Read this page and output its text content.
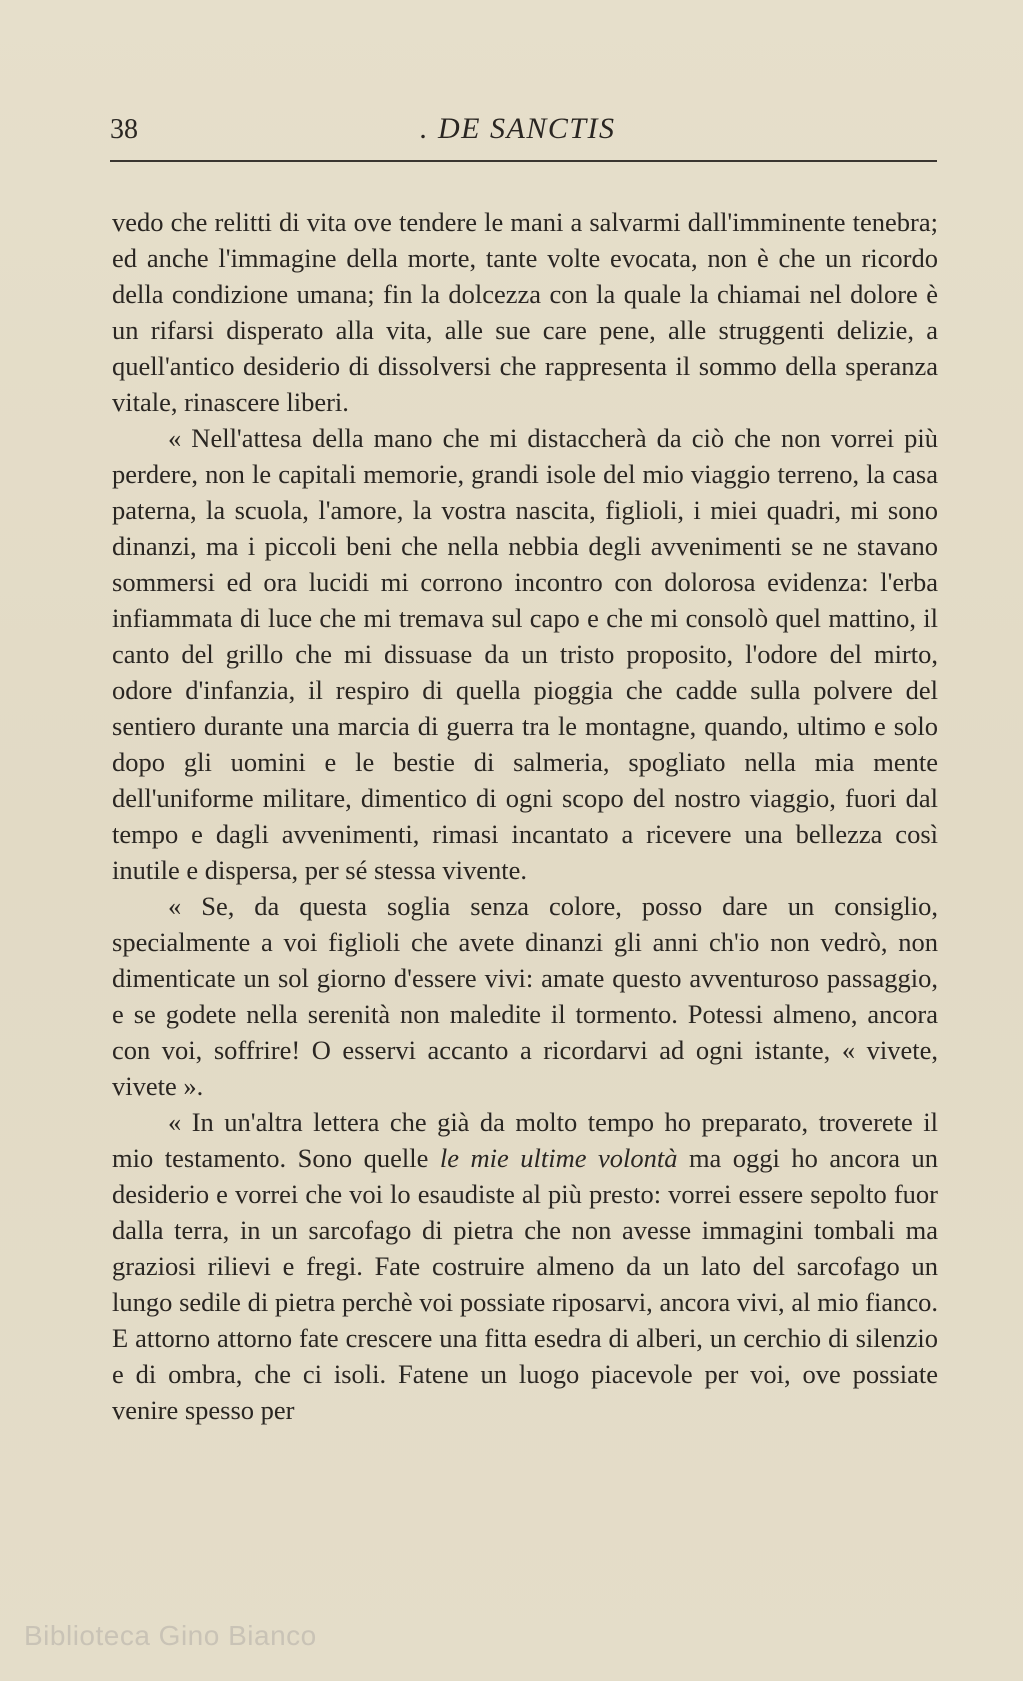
38	. DE SANCTIS

vedo che relitti di vita ove tendere le mani a salvarmi dall'imminente tenebra; ed anche l'immagine della morte, tante volte evocata, non è che un ricordo della condizione umana; fin la dolcezza con la quale la chiamai nel dolore è un rifarsi disperato alla vita, alle sue care pene, alle struggenti delizie, a quell'antico desiderio di dissolversi che rappresenta il sommo della speranza vitale, rinascere liberi.

« Nell'attesa della mano che mi distaccherà da ciò che non vorrei più perdere, non le capitali memorie, grandi isole del mio viaggio terreno, la casa paterna, la scuola, l'amore, la vostra nascita, figlioli, i miei quadri, mi sono dinanzi, ma i piccoli beni che nella nebbia degli avvenimenti se ne stavano sommersi ed ora lucidi mi corrono incontro con dolorosa evidenza: l'erba infiammata di luce che mi tremava sul capo e che mi consolò quel mattino, il canto del grillo che mi dissuase da un tristo proposito, l'odore del mirto, odore d'infanzia, il respiro di quella pioggia che cadde sulla polvere del sentiero durante una marcia di guerra tra le montagne, quando, ultimo e solo dopo gli uomini e le bestie di salmeria, spogliato nella mia mente dell'uniforme militare, dimentico di ogni scopo del nostro viaggio, fuori dal tempo e dagli avvenimenti, rimasi incantato a ricevere una bellezza così inutile e dispersa, per sé stessa vivente.

« Se, da questa soglia senza colore, posso dare un consiglio, specialmente a voi figlioli che avete dinanzi gli anni ch'io non vedrò, non dimenticate un sol giorno d'essere vivi: amate questo avventuroso passaggio, e se godete nella serenità non maledite il tormento. Potessi almeno, ancora con voi, soffrire! O esservi accanto a ricordarvi ad ogni istante, « vivete, vivete ».

« In un'altra lettera che già da molto tempo ho preparato, troverete il mio testamento. Sono quelle le mie ultime volontà ma oggi ho ancora un desiderio e vorrei che voi lo esaudiste al più presto: vorrei essere sepolto fuor dalla terra, in un sarcofago di pietra che non avesse immagini tombali ma graziosi rilievi e fregi. Fate costruire almeno da un lato del sarcofago un lungo sedile di pietra perchè voi possiate riposarvi, ancora vivi, al mio fianco. E attorno attorno fate crescere una fitta esedra di alberi, un cerchio di silenzio e di ombra, che ci isoli. Fatene un luogo piacevole per voi, ove possiate venire spesso per

Biblioteca Gino Bianco
